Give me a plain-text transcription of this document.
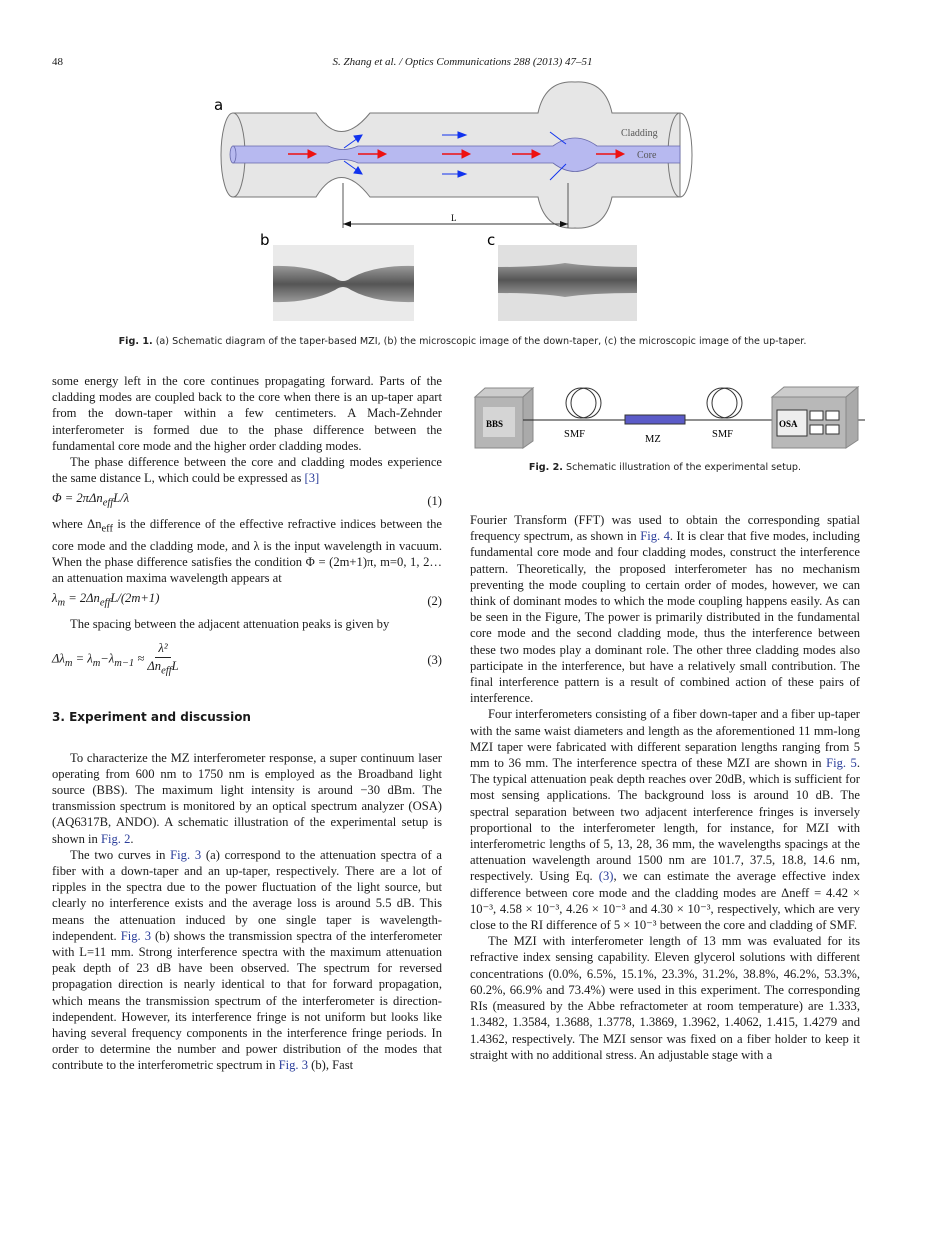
48	S. Zhang et al. / Optics Communications 288 (2013) 47–51
a
Cladding
Core
L
b	c
Fig. 1. (a) Schematic diagram of the taper-based MZI, (b) the microscopic image of the down-taper, (c) the microscopic image of the up-taper.
BBS
SMF	MZ	SMF
OSA
Fig. 2. Schematic illustration of the experimental setup.

some energy left in the core continues propagating forward. Parts of the cladding modes are coupled back to the core when there is an up-taper apart from the down-taper within a few centimeters. A Mach-Zehnder interferometer is formed due to the phase difference between the fundamental core mode and the higher order cladding modes.

The phase difference between the core and cladding modes experience the same distance L, which could be expressed as [3]

Φ = 2πΔn$_{eff}$L/λ	(1)

where $\Delta n_{eff}$ is the difference of the effective refractive indices between the core mode and the cladding mode, and λ is the input wavelength in vacuum. When the phase difference satisfies the condition Φ = (2m+1)π, m=0, 1, 2… an attenuation maxima wavelength appears at

$\lambda_m = 2\Delta n_{eff}L/(2m+1)$	(2)

The spacing between the adjacent attenuation peaks is given by

$\Delta\lambda_m = \lambda_m-\lambda_{m-1} \approx \frac{\text{λ²}}{\Delta n_{eff}L}$	(3)
3. Experiment and discussion

To characterize the MZ interferometer response, a super continuum laser operating from 600 nm to 1750 nm is employed as the Broadband light source (BBS). The maximum light intensity is around −30 dBm. The transmission spectrum is monitored by an optical spectrum analyzer (OSA) (AQ6317B, ANDO). A schematic illustration of the experimental setup is shown in Fig. 2.

The two curves in Fig. 3 (a) correspond to the attenuation spectra of a fiber with a down-taper and an up-taper, respectively. There are a lot of ripples in the spectra due to the power fluctuation of the light source, but clearly no interference exists and the average loss is around 5.5 dB. This means the attenuation induced by one single taper is wavelength-independent. Fig. 3 (b) shows the transmission spectra of the interferometer with L=11 mm. Strong interference spectra with the maximum attenuation peak depth of 23 dB have been observed. The spectrum for reversed propagation direction is nearly identical to that for forward propagation, which means the transmission spectrum of the interferometer is direction-independent. However, its interference fringe is not uniform but looks like having several frequency components in the interference fringe periods. In order to determine the number and power distribution of the modes that contribute to the interferometric spectrum in Fig. 3 (b), Fast

Fourier Transform (FFT) was used to obtain the corresponding spatial frequency spectrum, as shown in Fig. 4. It is clear that five modes, including fundamental core mode and four cladding modes, construct the interference pattern. Theoretically, the proposed interferometer has no mechanism preventing the mode coupling to certain order of modes, however, we can think of dominant modes to which the mode coupling happens easily. As can be seen in the Figure, The power is primarily distributed in the fundamental core mode and the second cladding mode, thus the interference between these two modes play a dominant role. The other three cladding modes also participate in the interference, but have a relatively small contribution. The final interference pattern is a result of combined action of these pairs of interference.

Four interferometers consisting of a fiber down-taper and a fiber up-taper with the same waist diameters and length as the aforementioned 11 mm-long MZI taper were fabricated with different separation lengths ranging from 5 mm to 36 mm. The interference spectra of these MZI are shown in Fig. 5. The typical attenuation peak depth reaches over 20dB, which is sufficient for most sensing applications. The background loss is around 10 dB. The spectral separation between two adjacent interference fringes is inversely proportional to the interferometer length, for instance, for MZI with interferometric lengths of 5, 13, 28, 36 mm, the wavelengths spacings at the attenuation wavelength around 1500 nm are 101.7, 37.5, 18.8, 14.6 nm, respectively. Using Eq. (3), we can estimate the average effective index difference between core mode and the cladding modes are Δneff = 4.42 × 10⁻³, 4.58 × 10⁻³, 4.26 × 10⁻³ and 4.30 × 10⁻³, respectively, which are very close to the RI difference of 5 × 10⁻³ between the core and cladding of SMF.

The MZI with interferometer length of 13 mm was evaluated for its refractive index sensing capability. Eleven glycerol solutions with different concentrations (0.0%, 6.5%, 15.1%, 23.3%, 31.2%, 38.8%, 46.2%, 53.3%, 60.2%, 66.9% and 73.4%) were used in this experiment. The corresponding RIs (measured by the Abbe refractometer at room temperature) are 1.333, 1.3482, 1.3584, 1.3688, 1.3778, 1.3869, 1.3962, 1.4062, 1.415, 1.4279 and 1.4362, respectively. The MZI sensor was fixed on a fiber holder to keep it straight with no additional stress. An adjustable stage with a
